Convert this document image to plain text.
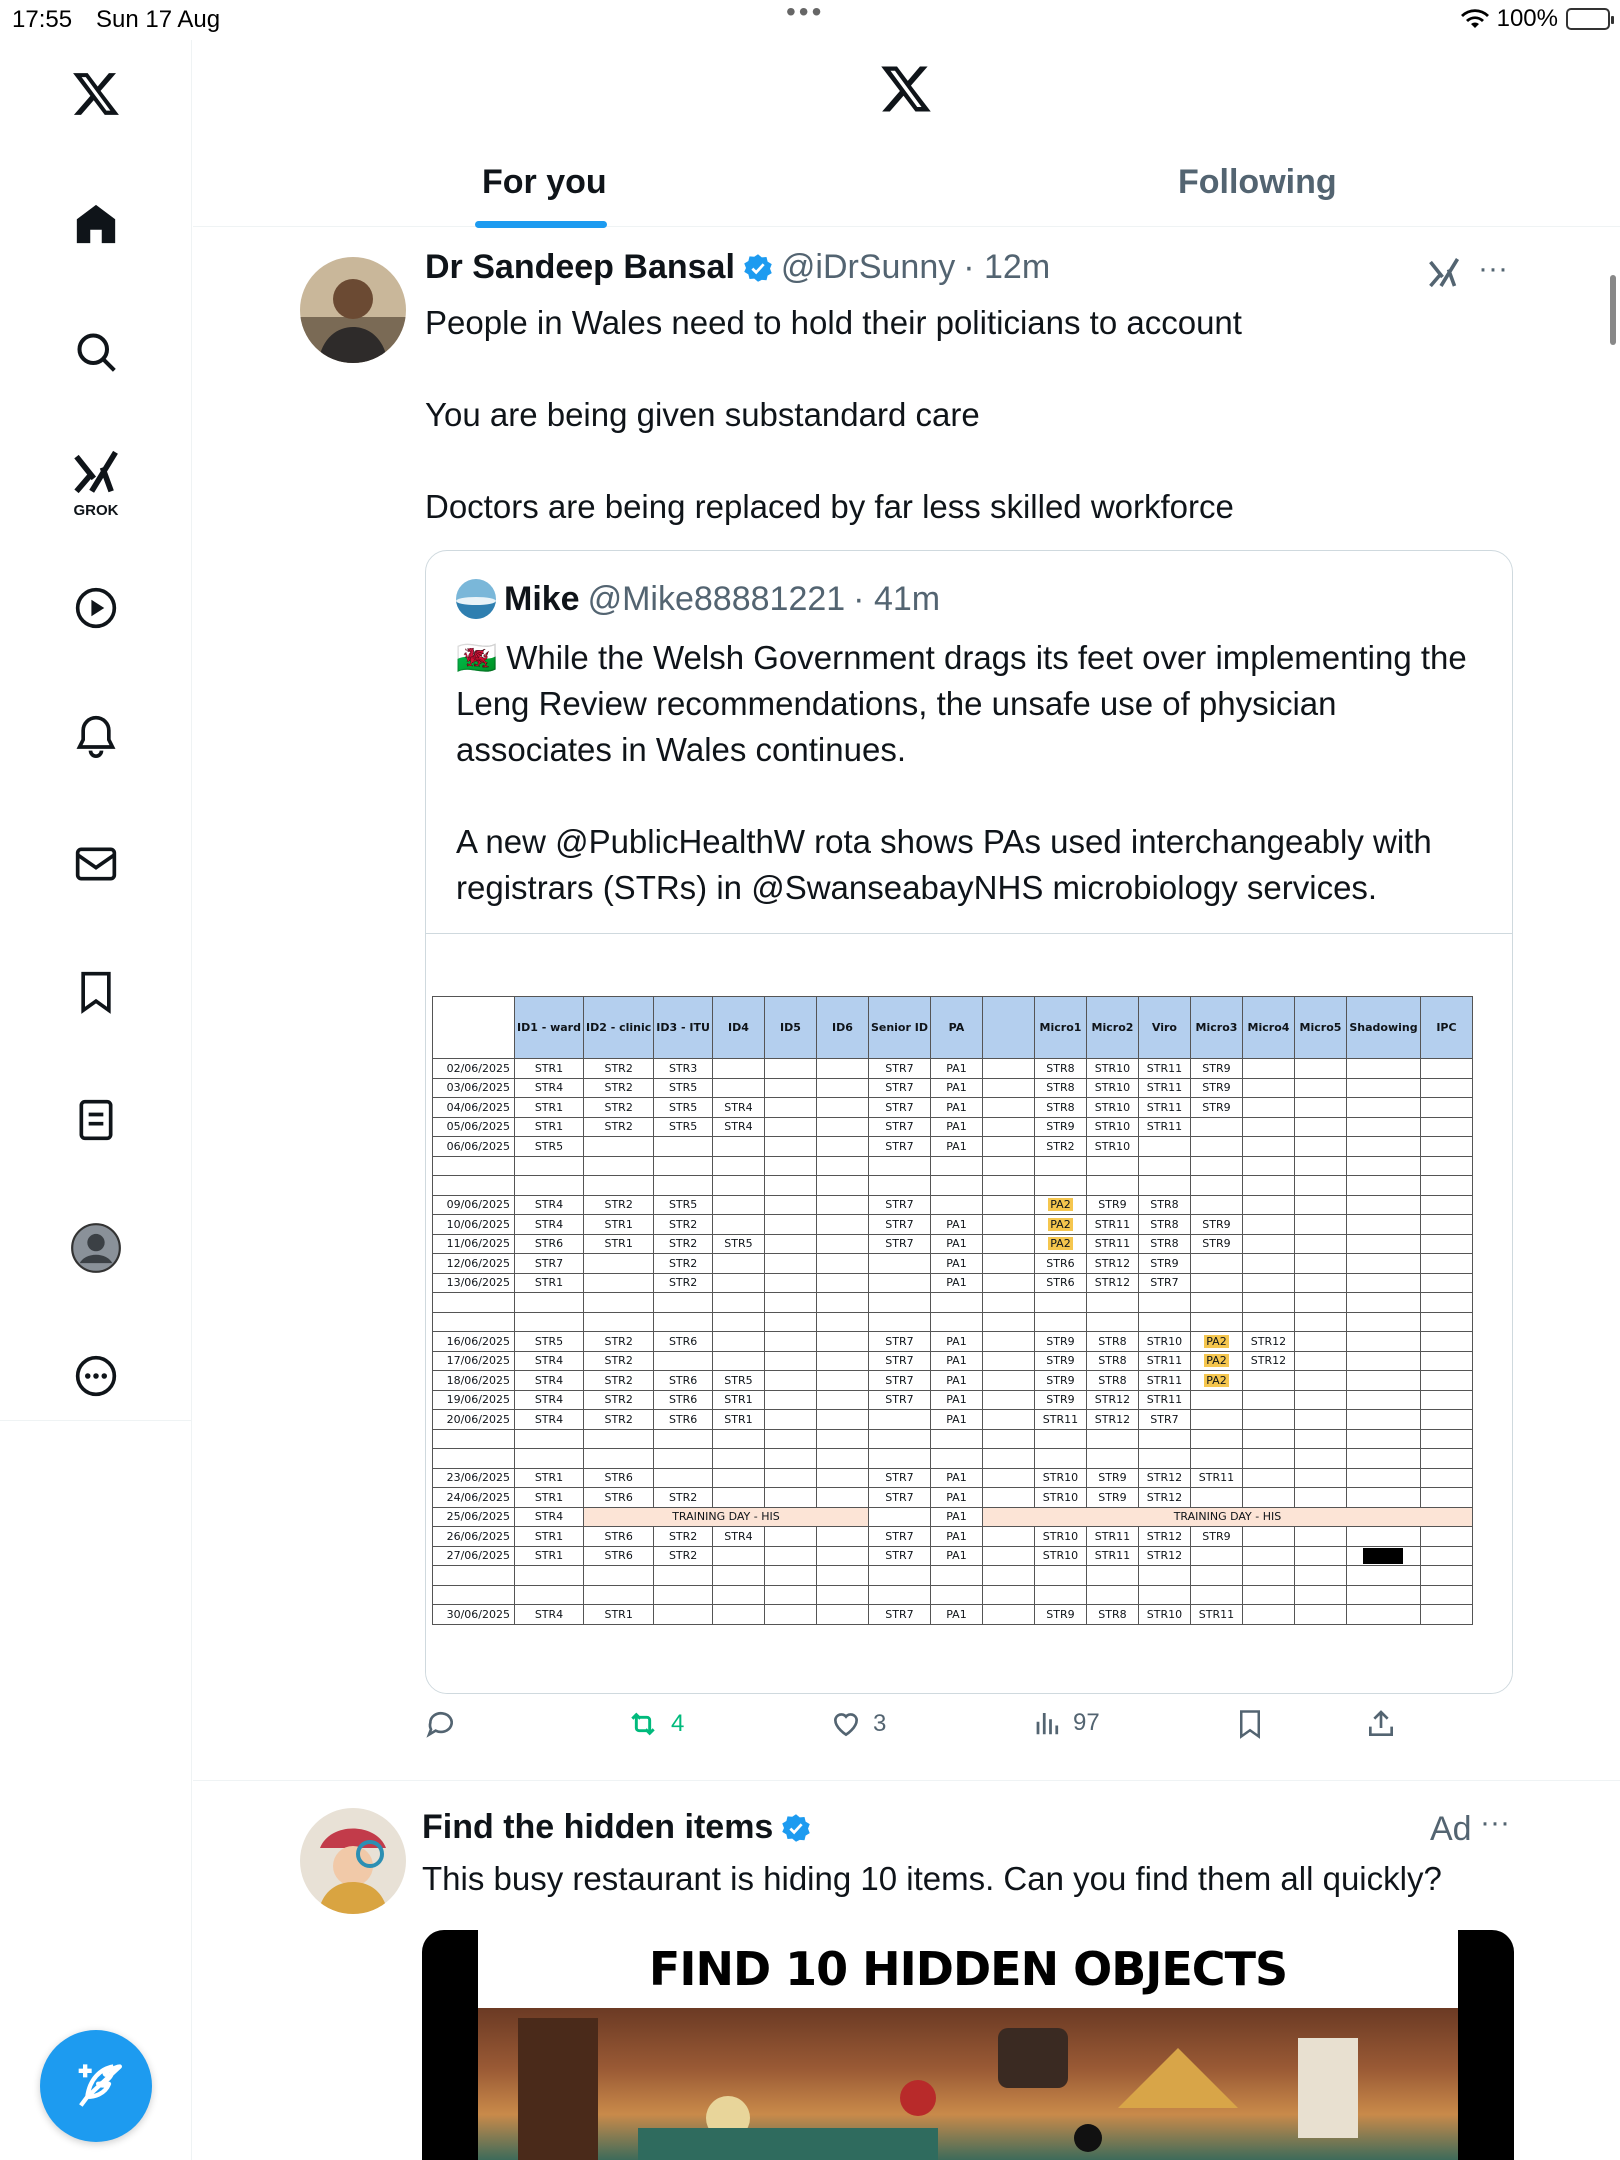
17:55 Sun 17 Aug	•••	100%
GROK
For you	Following
Dr Sandeep Bansal @iDrSunny · 12m	···

People in Wales need to hold their politicians to account

You are being given substandard care

Doctors are being replaced by far less skilled workforce

Mike @Mike88881221 · 41m

🏴󠁧󠁢󠁷󠁬󠁳󠁿 While the Welsh Government drags its feet over implementing the Leng Review recommendations, the unsafe use of physician associates in Wales continues.

A new @PublicHealthW rota shows PAs used interchangeably with registrars (STRs) in @SwanseabayNHS microbiology services.

	ID1 - ward	ID2 - clinic	ID3 - ITU	ID4	ID5	ID6	Senior ID	PA		Micro1	Micro2	Viro	Micro3	Micro4	Micro5	Shadowing	IPC
02/06/2025	STR1	STR2	STR3				STR7	PA1		STR8	STR10	STR11	STR9				
03/06/2025	STR4	STR2	STR5				STR7	PA1		STR8	STR10	STR11	STR9				
04/06/2025	STR1	STR2	STR5	STR4			STR7	PA1		STR8	STR10	STR11	STR9				
05/06/2025	STR1	STR2	STR5	STR4			STR7	PA1		STR9	STR10	STR11					
06/06/2025	STR5						STR7	PA1		STR2	STR10						

09/06/2025	STR4	STR2	STR5				STR7			PA2	STR9	STR8					
10/06/2025	STR4	STR1	STR2				STR7	PA1		PA2	STR11	STR8	STR9				
11/06/2025	STR6	STR1	STR2	STR5			STR7	PA1		PA2	STR11	STR8	STR9				
12/06/2025	STR7		STR2					PA1		STR6	STR12	STR9					
13/06/2025	STR1		STR2					PA1		STR6	STR12	STR7					

16/06/2025	STR5	STR2	STR6				STR7	PA1		STR9	STR8	STR10	PA2	STR12			
17/06/2025	STR4	STR2					STR7	PA1		STR9	STR8	STR11	PA2	STR12			
18/06/2025	STR4	STR2	STR6	STR5			STR7	PA1		STR9	STR8	STR11	PA2				
19/06/2025	STR4	STR2	STR6	STR1			STR7	PA1		STR9	STR12	STR11					
20/06/2025	STR4	STR2	STR6	STR1				PA1		STR11	STR12	STR7					

23/06/2025	STR1	STR6					STR7	PA1		STR10	STR9	STR12	STR11				
24/06/2025	STR1	STR6	STR2				STR7	PA1		STR10	STR9	STR12					
25/06/2025	STR4	TRAINING DAY - HIS						PA1	TRAINING DAY - HIS								
26/06/2025	STR1	STR6	STR2	STR4			STR7	PA1		STR10	STR11	STR12	STR9				
27/06/2025	STR1	STR6	STR2				STR7	PA1		STR10	STR11	STR12					

30/06/2025	STR4	STR1					STR7	PA1		STR9	STR8	STR10	STR11				
4	3	97
Find the hidden items	Ad ···
This busy restaurant is hiding 10 items. Can you find them all quickly?
FIND 10 HIDDEN OBJECTS
